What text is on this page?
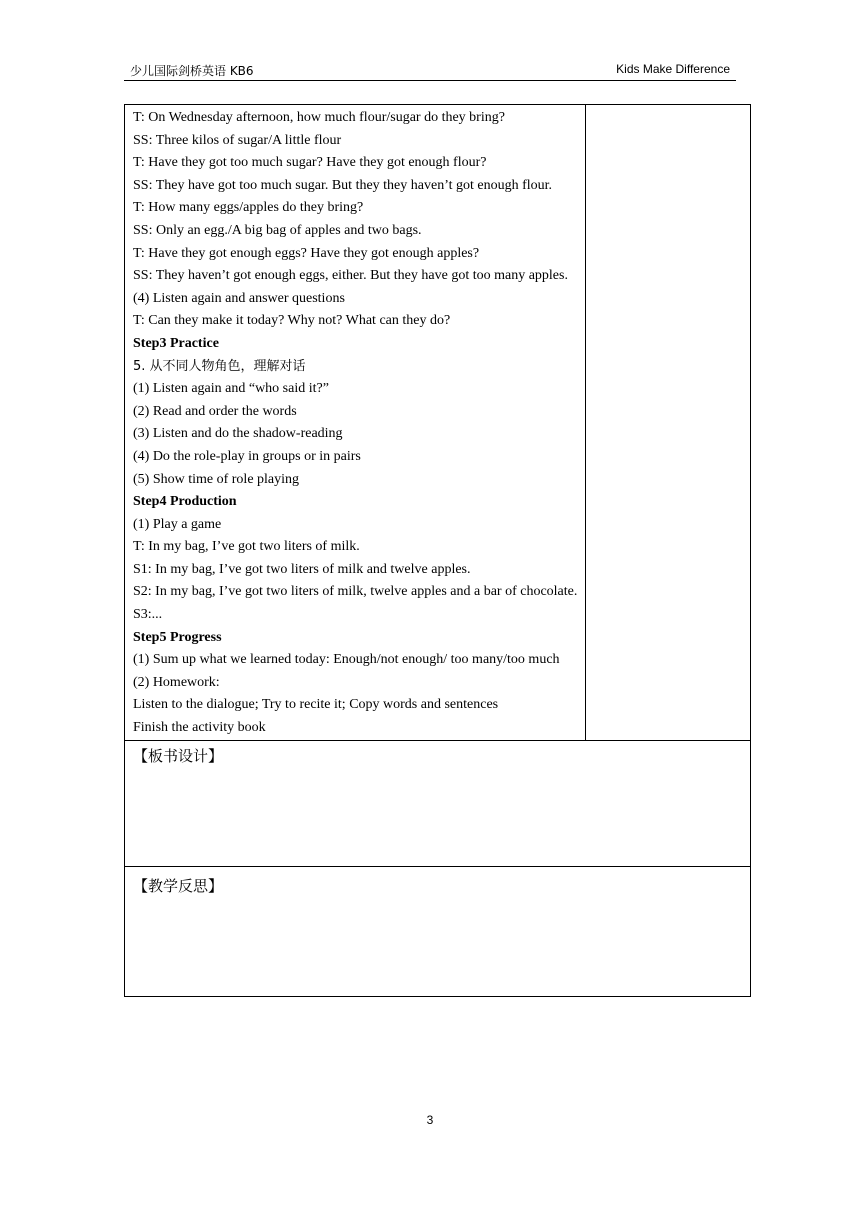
少儿国际剑桥英语 KB6	Kids Make Difference
T: On Wednesday afternoon, how much flour/sugar do they bring?
SS: Three kilos of sugar/A little flour
T: Have they got too much sugar? Have they got enough flour?
SS: They have got too much sugar. But they they haven’t got enough flour.
T: How many eggs/apples do they bring?
SS: Only an egg./A big bag of apples and two bags.
T: Have they got enough eggs? Have they got enough apples?
SS: They haven’t got enough eggs, either. But they have got too many apples.
(4) Listen again and answer questions
T: Can they make it today? Why not? What can they do?
Step3 Practice
5. 从不同人物角色，理解对话
(1) Listen again and “who said it?”
(2) Read and order the words
(3) Listen and do the shadow-reading
(4) Do the role-play in groups or in pairs
(5) Show time of role playing
Step4 Production
(1) Play a game
T: In my bag, I’ve got two liters of milk.
S1: In my bag, I’ve got two liters of milk and twelve apples.
S2: In my bag, I’ve got two liters of milk, twelve apples and a bar of chocolate.
S3:...
Step5 Progress
(1) Sum up what we learned today: Enough/not enough/ too many/too much
(2) Homework:
Listen to the dialogue; Try to recite it; Copy words and sentences
Finish the activity book

【板书设计】

【教学反思】
3
